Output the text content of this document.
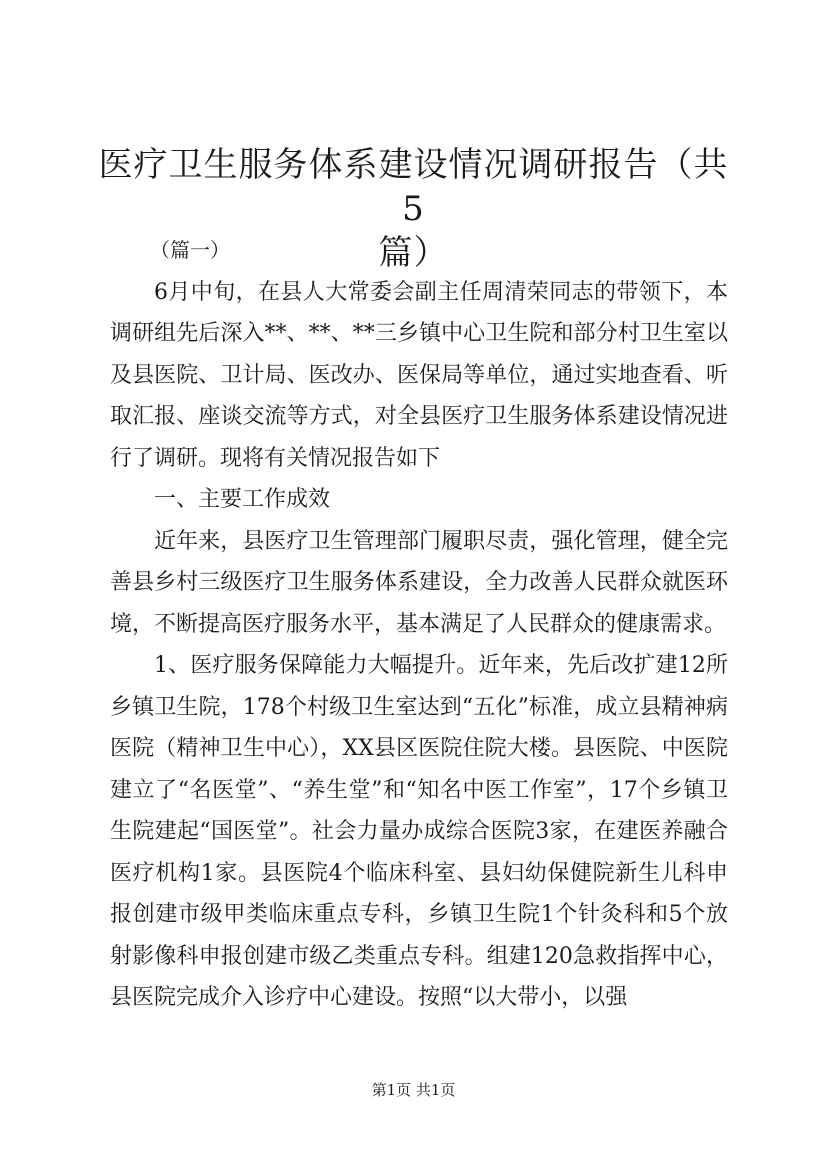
医疗卫生服务体系建设情况调研报告（共5
篇）

（篇一）

6月中旬，在县人大常委会副主任周清荣同志的带领下，本调研组先后深入**、**、**三乡镇中心卫生院和部分村卫生室以及县医院、卫计局、医改办、医保局等单位，通过实地查看、听取汇报、座谈交流等方式，对全县医疗卫生服务体系建设情况进行了调研。现将有关情况报告如下

一、主要工作成效

近年来，县医疗卫生管理部门履职尽责，强化管理，健全完善县乡村三级医疗卫生服务体系建设，全力改善人民群众就医环境，不断提高医疗服务水平，基本满足了人民群众的健康需求。

1、医疗服务保障能力大幅提升。近年来，先后改扩建12所乡镇卫生院，178个村级卫生室达到“五化”标准，成立县精神病医院（精神卫生中心），XX县区医院住院大楼。县医院、中医院建立了“名医堂”、“养生堂”和“知名中医工作室”，17个乡镇卫生院建起“国医堂”。社会力量办成综合医院3家，在建医养融合医疗机构1家。县医院4个临床科室、县妇幼保健院新生儿科申报创建市级甲类临床重点专科，乡镇卫生院1个针灸科和5个放射影像科申报创建市级乙类重点专科。组建120急救指挥中心，县医院完成介入诊疗中心建设。按照“以大带小，以强

第1页 共1页
